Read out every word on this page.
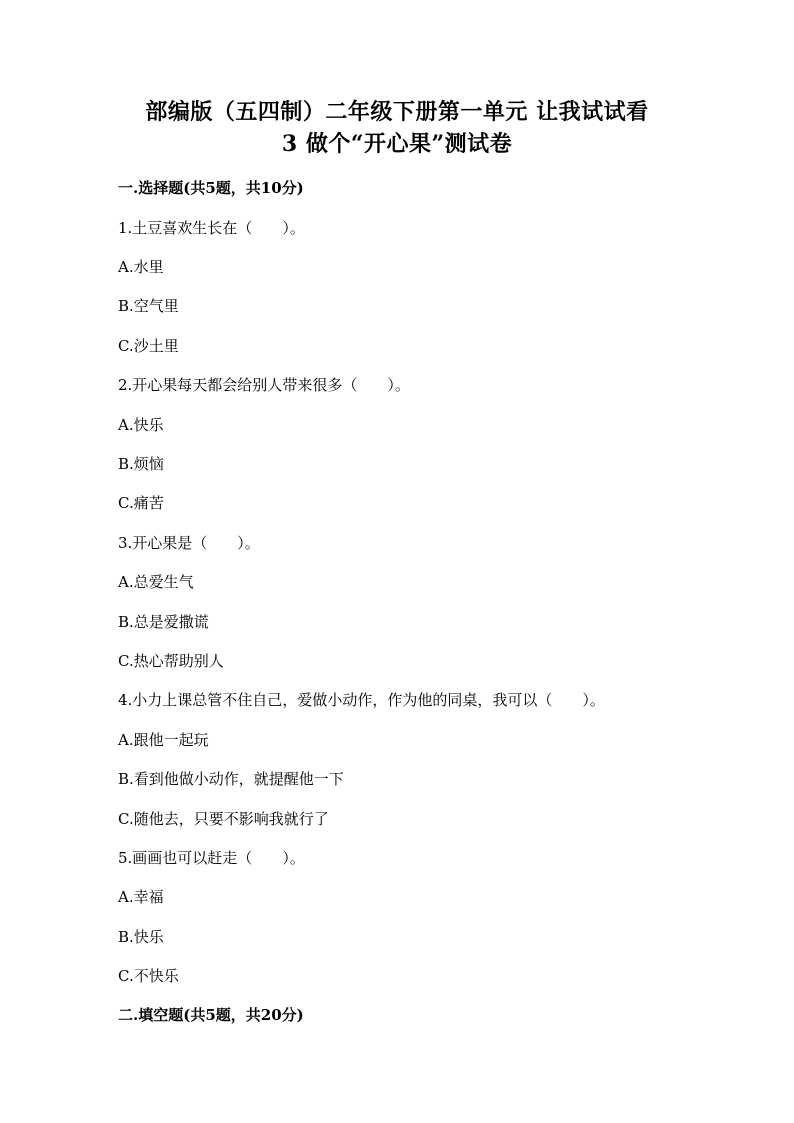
部编版（五四制）二年级下册第一单元 让我试试看
3 做个“开心果”测试卷
一.选择题(共5题，共10分)
1.土豆喜欢生长在（　　）。
A.水里
B.空气里
C.沙土里
2.开心果每天都会给别人带来很多（　　）。
A.快乐
B.烦恼
C.痛苦
3.开心果是（　　）。
A.总爱生气
B.总是爱撒谎
C.热心帮助别人
4.小力上课总管不住自己，爱做小动作，作为他的同桌，我可以（　　）。
A.跟他一起玩
B.看到他做小动作，就提醒他一下
C.随他去，只要不影响我就行了
5.画画也可以赶走（　　）。
A.幸福
B.快乐
C.不快乐
二.填空题(共5题，共20分)
